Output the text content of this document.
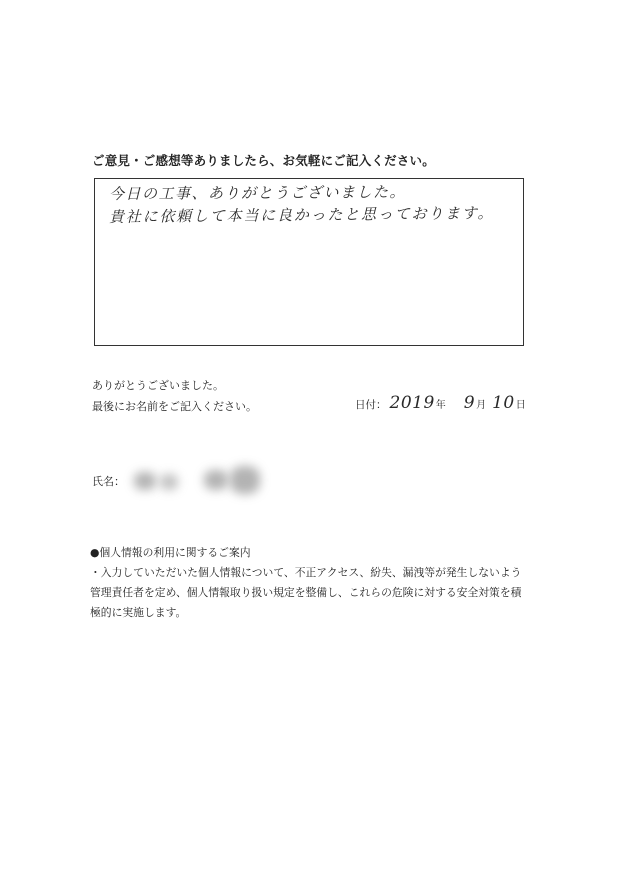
ご意見・ご感想等ありましたら、お気軽にご記入ください。
今日の工事、ありがとうございました。
貴社に依頼して本当に良かったと思っております。
ありがとうございました。
最後にお名前をご記入ください。	日付： 2019 年 9 月 10 日
氏名：
●個人情報の利用に関するご案内
・入力していただいた個人情報について、不正アクセス、紛失、漏洩等が発生しないよう
管理責任者を定め、個人情報取り扱い規定を整備し、これらの危険に対する安全対策を積
極的に実施します。
